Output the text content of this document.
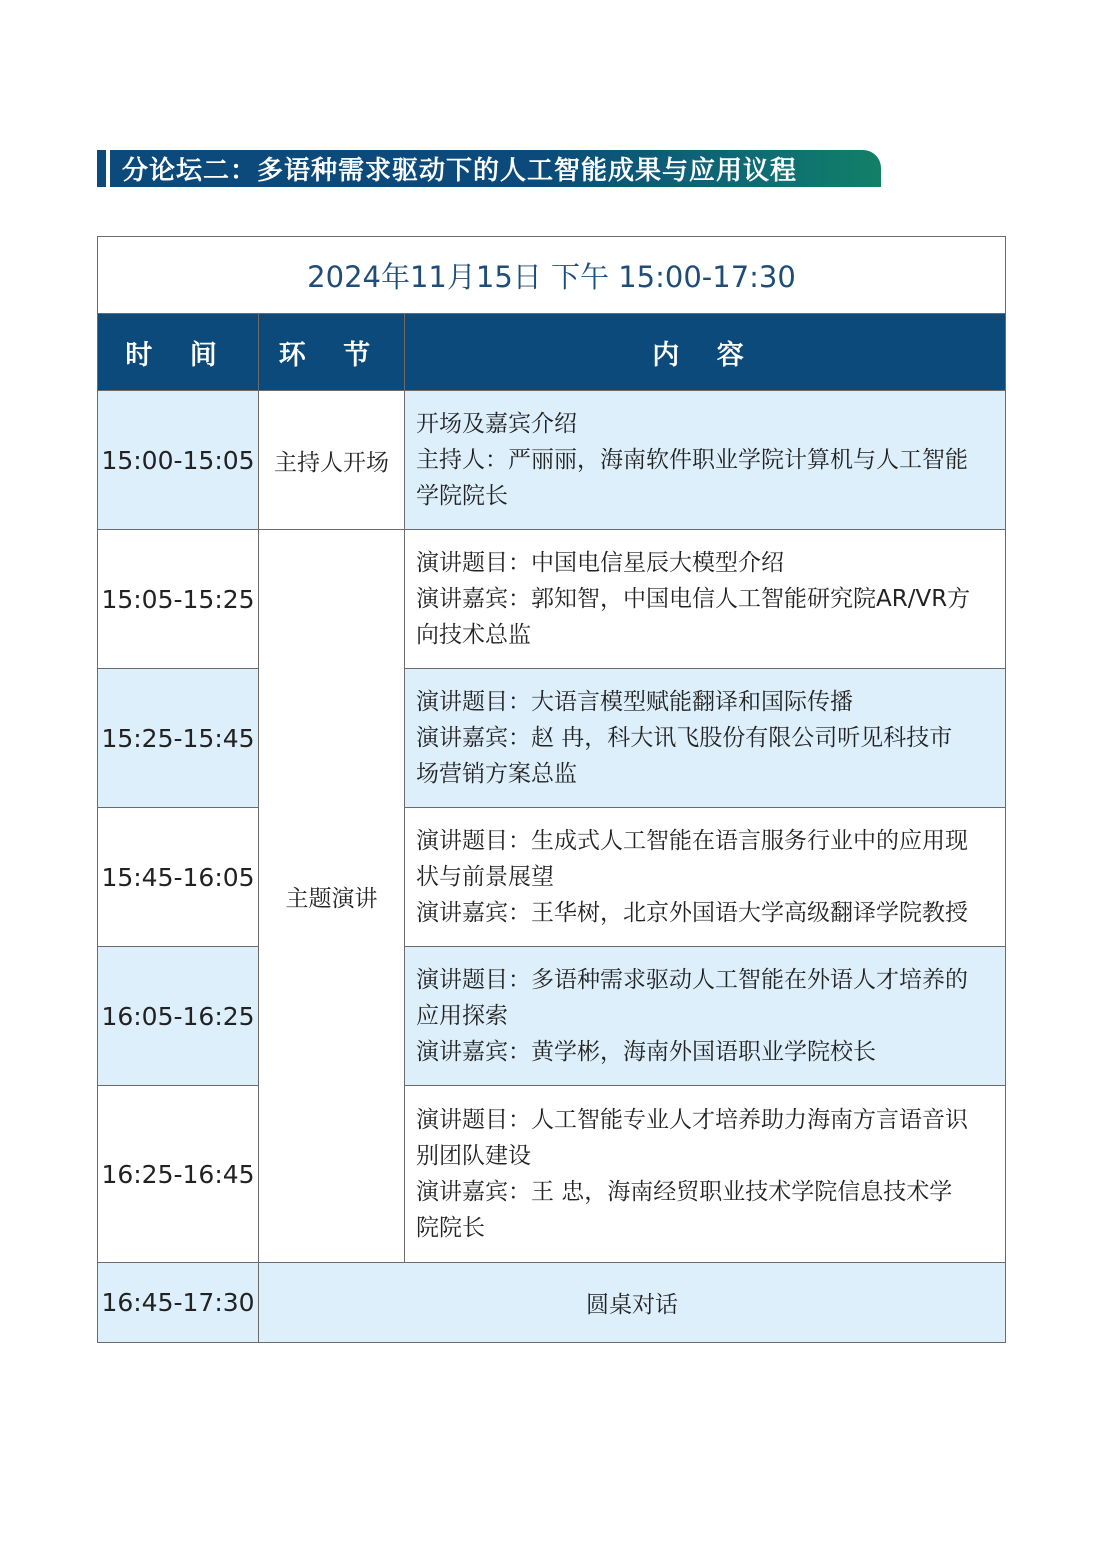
分论坛二：多语种需求驱动下的人工智能成果与应用议程
2024年11月15日 下午 15:00-17:30		
时 间	环 节	内 容
15:00-15:05	主持人开场	开场及嘉宾介绍
主持人：严丽丽，海南软件职业学院计算机与人工智能
学院院长

15:05-15:25	主题演讲	演讲题目：中国电信星辰大模型介绍
演讲嘉宾：郭知智，中国电信人工智能研究院AR/VR方
向技术总监

15:25-15:45		演讲题目：大语言模型赋能翻译和国际传播
演讲嘉宾：赵 冉，科大讯飞股份有限公司听见科技市
场营销方案总监

15:45-16:05		演讲题目：生成式人工智能在语言服务行业中的应用现
状与前景展望
演讲嘉宾：王华树，北京外国语大学高级翻译学院教授

16:05-16:25		演讲题目：多语种需求驱动人工智能在外语人才培养的
应用探索
演讲嘉宾：黄学彬，海南外国语职业学院校长

16:25-16:45		演讲题目：人工智能专业人才培养助力海南方言语音识
别团队建设
演讲嘉宾：王 忠，海南经贸职业技术学院信息技术学
院院长

16:45-17:30	圆桌对话	
